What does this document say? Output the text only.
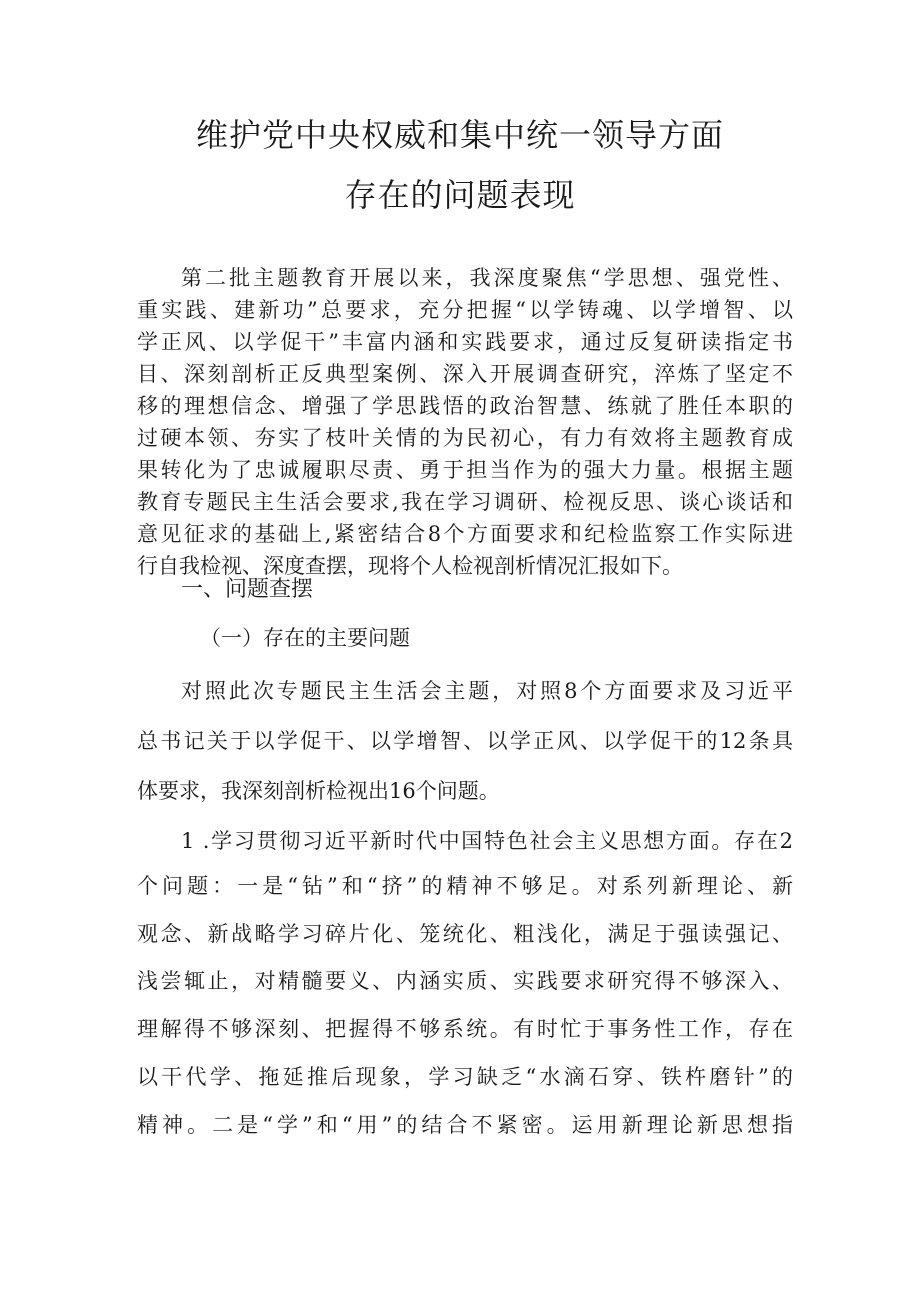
维护党中央权威和集中统一领导方面
存在的问题表现
第二批主题教育开展以来，我深度聚焦“学思想、强党性、
重实践、建新功”总要求，充分把握“以学铸魂、以学增智、以
学正风、以学促干”丰富内涵和实践要求，通过反复研读指定书
目、深刻剖析正反典型案例、深入开展调查研究，淬炼了坚定不
移的理想信念、增强了学思践悟的政治智慧、练就了胜任本职的
过硬本领、夯实了枝叶关情的为民初心，有力有效将主题教育成
果转化为了忠诚履职尽责、勇于担当作为的强大力量。根据主题
教育专题民主生活会要求,我在学习调研、检视反思、谈心谈话和
意见征求的基础上,紧密结合8个方面要求和纪检监察工作实际进
行自我检视、深度查摆，现将个人检视剖析情况汇报如下。
一、问题查摆
（一）存在的主要问题
对照此次专题民主生活会主题，对照8个方面要求及习近平
总书记关于以学促干、以学增智、以学正风、以学促干的12条具
体要求，我深刻剖析检视出16个问题。
1 .学习贯彻习近平新时代中国特色社会主义思想方面。存在2
个问题：一是“钻”和“挤”的精神不够足。对系列新理论、新
观念、新战略学习碎片化、笼统化、粗浅化，满足于强读强记、
浅尝辄止，对精髓要义、内涵实质、实践要求研究得不够深入、
理解得不够深刻、把握得不够系统。有时忙于事务性工作，存在
以干代学、拖延推后现象，学习缺乏“水滴石穿、铁杵磨针”的
精神。二是“学”和“用”的结合不紧密。运用新理论新思想指
